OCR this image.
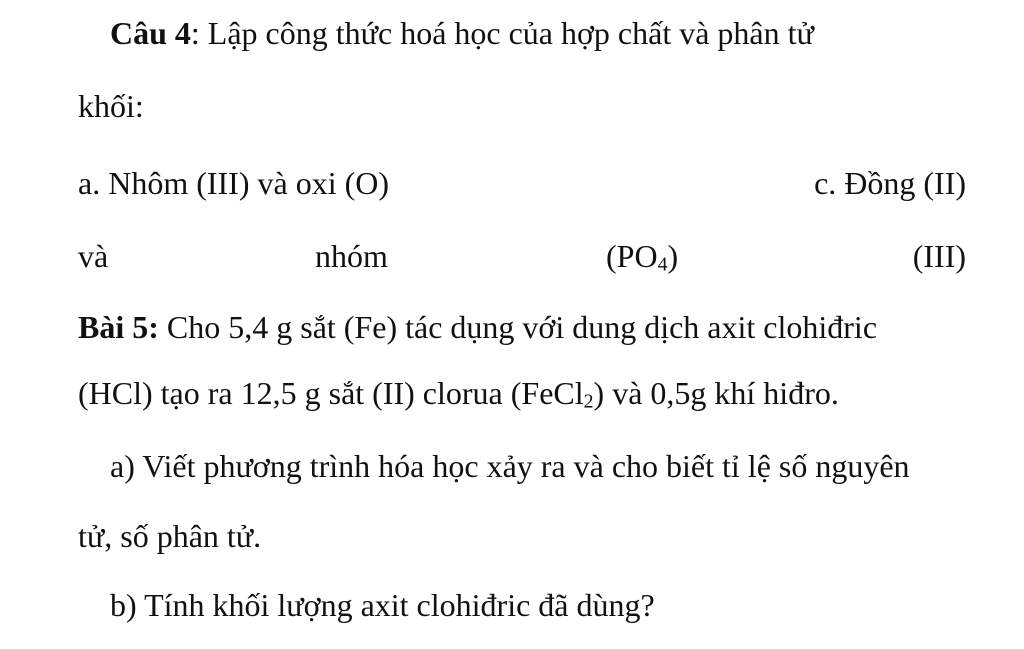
Câu 4: Lập công thức hoá học của hợp chất và phân tử
khối:
a. Nhôm (III) và oxi (O)	c. Đồng (II)
và	nhóm	$(PO_4)$	(III)
Bài 5: Cho 5,4 g sắt (Fe) tác dụng với dung dịch axit clohiđric
(HCl) tạo ra 12,5 g sắt (II) clorua (FeCl$_2$) và 0,5g khí hiđro.
a) Viết phương trình hóa học xảy ra và cho biết tỉ lệ số nguyên
tử, số phân tử.
b) Tính khối lượng axit clohiđric đã dùng?
